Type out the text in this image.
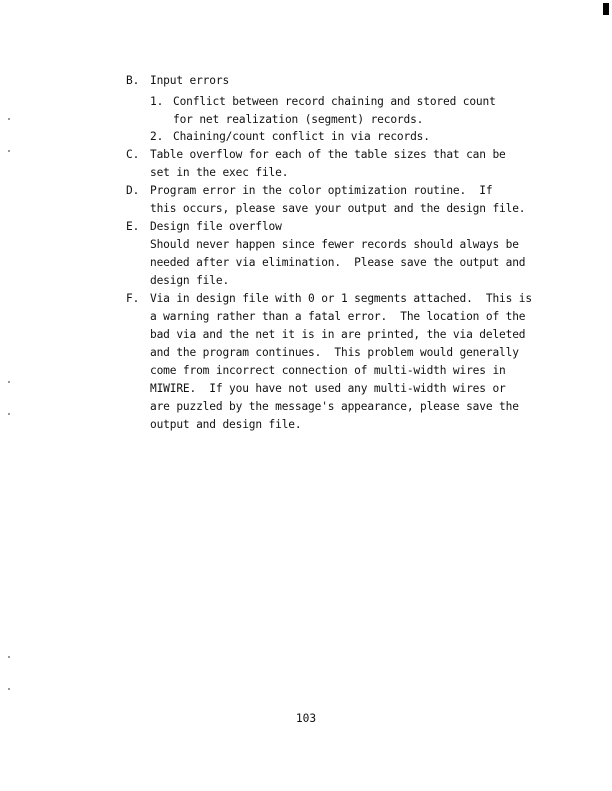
B. Input errors
1. Conflict between record chaining and stored count
for net realization (segment) records.
2. Chaining/count conflict in via records.
C. Table overflow for each of the table sizes that can be
set in the exec file.
D. Program error in the color optimization routine.  If
this occurs, please save your output and the design file.
E. Design file overflow
Should never happen since fewer records should always be
needed after via elimination.  Please save the output and
design file.
F. Via in design file with 0 or 1 segments attached.  This is
a warning rather than a fatal error.  The location of the
bad via and the net it is in are printed, the via deleted
and the program continues.  This problem would generally
come from incorrect connection of multi-width wires in
MIWIRE.  If you have not used any multi-width wires or
are puzzled by the message's appearance, please save the
output and design file.
103
